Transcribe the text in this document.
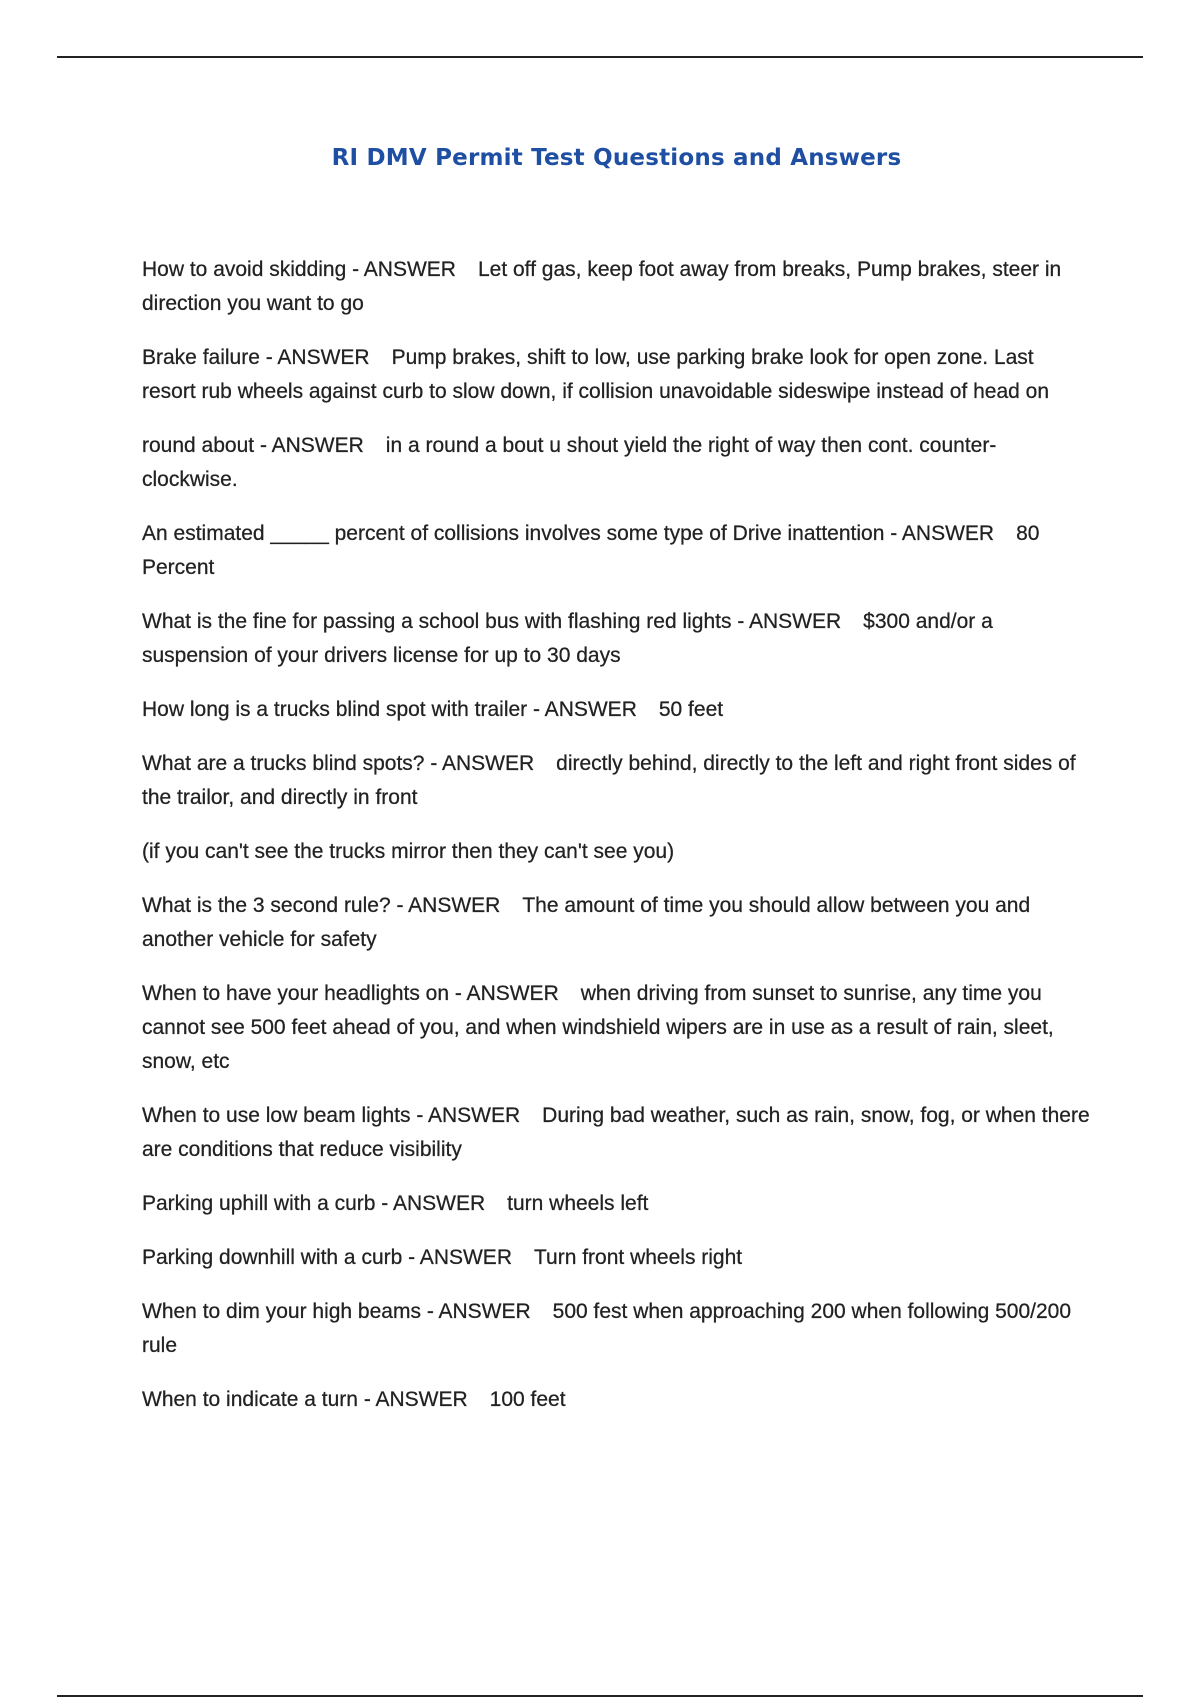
RI DMV Permit Test Questions and Answers

How to avoid skidding - ANSWER Let off gas, keep foot away from breaks, Pump brakes, steer in direction you want to go

Brake failure - ANSWER Pump brakes, shift to low, use parking brake look for open zone. Last resort rub wheels against curb to slow down, if collision unavoidable sideswipe instead of head on

round about - ANSWER in a round a bout u shout yield the right of way then cont. counter-clockwise.

An estimated _____ percent of collisions involves some type of Drive inattention - ANSWER 80 Percent

What is the fine for passing a school bus with flashing red lights - ANSWER $300 and/or a suspension of your drivers license for up to 30 days

How long is a trucks blind spot with trailer - ANSWER 50 feet

What are a trucks blind spots? - ANSWER directly behind, directly to the left and right front sides of the trailor, and directly in front

(if you can't see the trucks mirror then they can't see you)

What is the 3 second rule? - ANSWER The amount of time you should allow between you and another vehicle for safety

When to have your headlights on - ANSWER when driving from sunset to sunrise, any time you cannot see 500 feet ahead of you, and when windshield wipers are in use as a result of rain, sleet, snow, etc

When to use low beam lights - ANSWER During bad weather, such as rain, snow, fog, or when there are conditions that reduce visibility

Parking uphill with a curb - ANSWER turn wheels left

Parking downhill with a curb - ANSWER Turn front wheels right

When to dim your high beams - ANSWER 500 fest when approaching 200 when following 500/200 rule

When to indicate a turn - ANSWER 100 feet
